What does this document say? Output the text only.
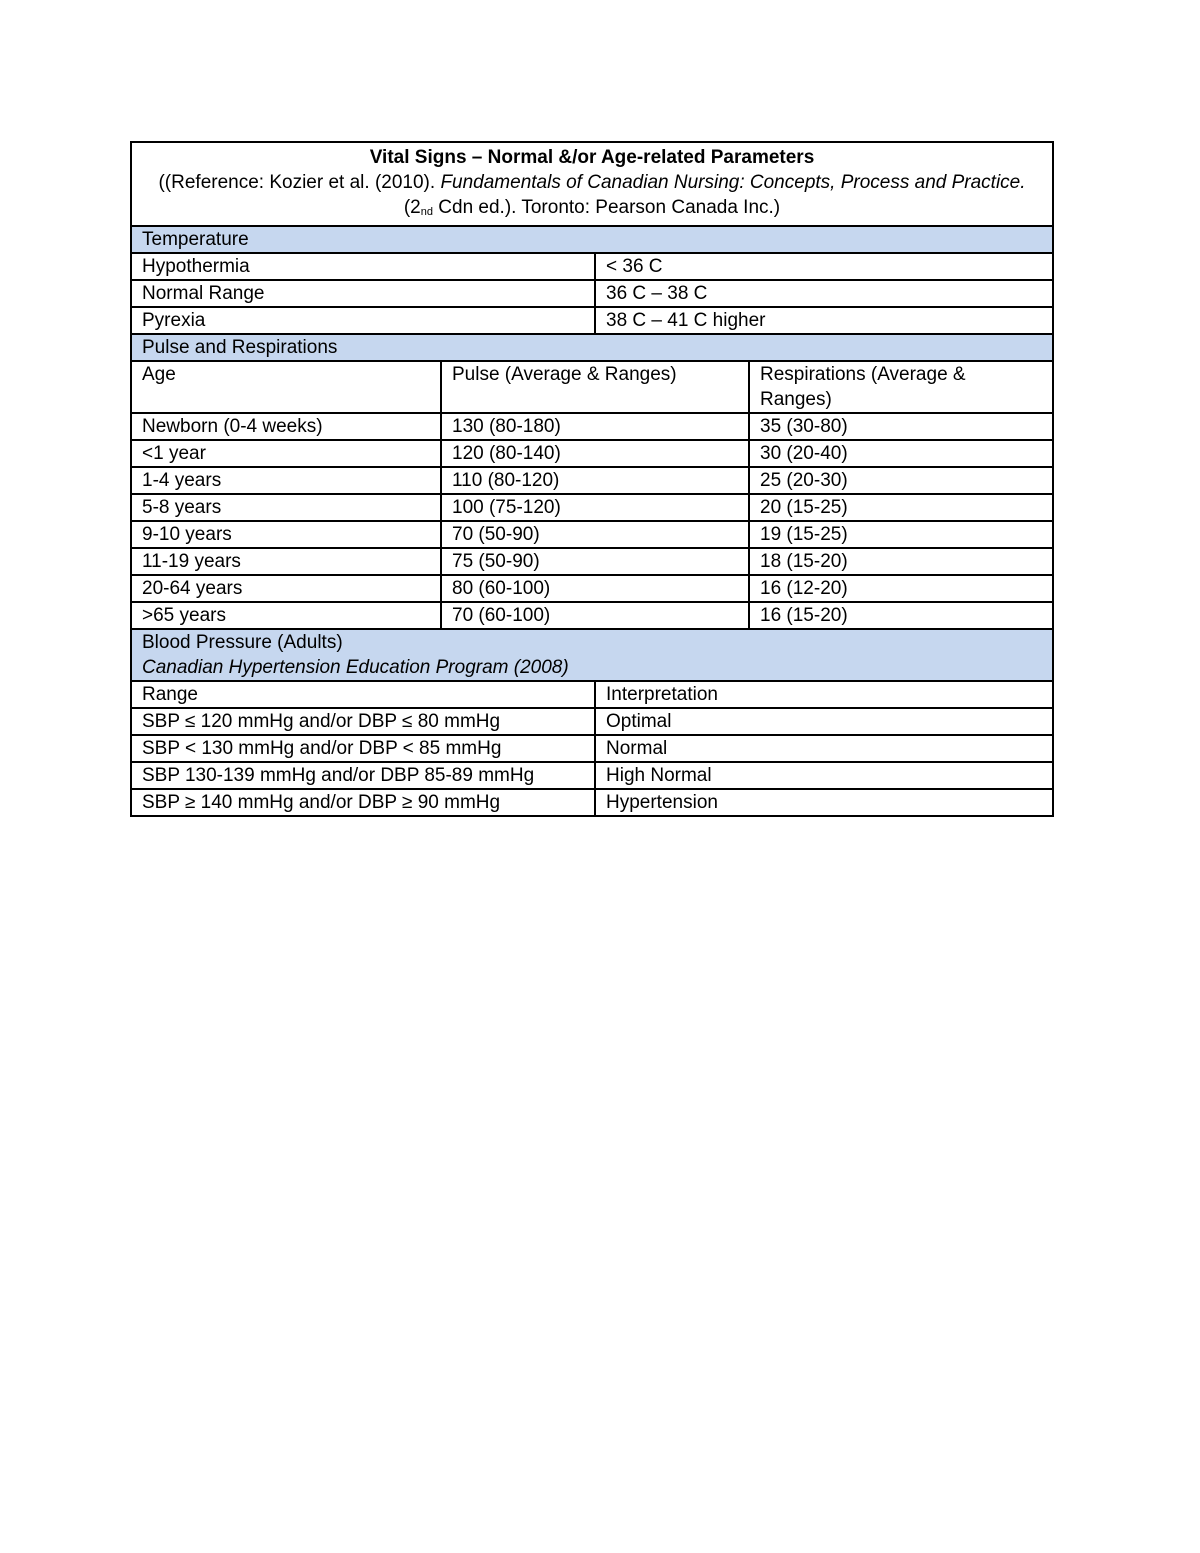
Vital Signs – Normal &/or Age-related Parameters
((Reference: Kozier et al. (2010). Fundamentals of Canadian Nursing: Concepts, Process and Practice. ($2_{nd}$ Cdn ed.). Toronto: Pearson Canada Inc.)
Temperature
Hypothermia	< 36 C
Normal Range	36 C – 38 C
Pyrexia	38 C – 41 C higher
Pulse and Respirations
Age	Pulse (Average & Ranges)	Respirations (Average & Ranges)
Newborn (0-4 weeks)	130 (80-180)	35 (30-80)
<1 year	120 (80-140)	30 (20-40)
1-4 years	110 (80-120)	25 (20-30)
5-8 years	100 (75-120)	20 (15-25)
9-10 years	70 (50-90)	19 (15-25)
11-19 years	75 (50-90)	18 (15-20)
20-64 years	80 (60-100)	16 (12-20)
>65 years	70 (60-100)	16 (15-20)
Blood Pressure (Adults)
Canadian Hypertension Education Program (2008)
Range	Interpretation
SBP ≤ 120 mmHg and/or DBP ≤ 80 mmHg	Optimal
SBP < 130 mmHg and/or DBP < 85 mmHg	Normal
SBP 130-139 mmHg and/or DBP 85-89 mmHg	High Normal
SBP ≥ 140 mmHg and/or DBP ≥ 90 mmHg	Hypertension
